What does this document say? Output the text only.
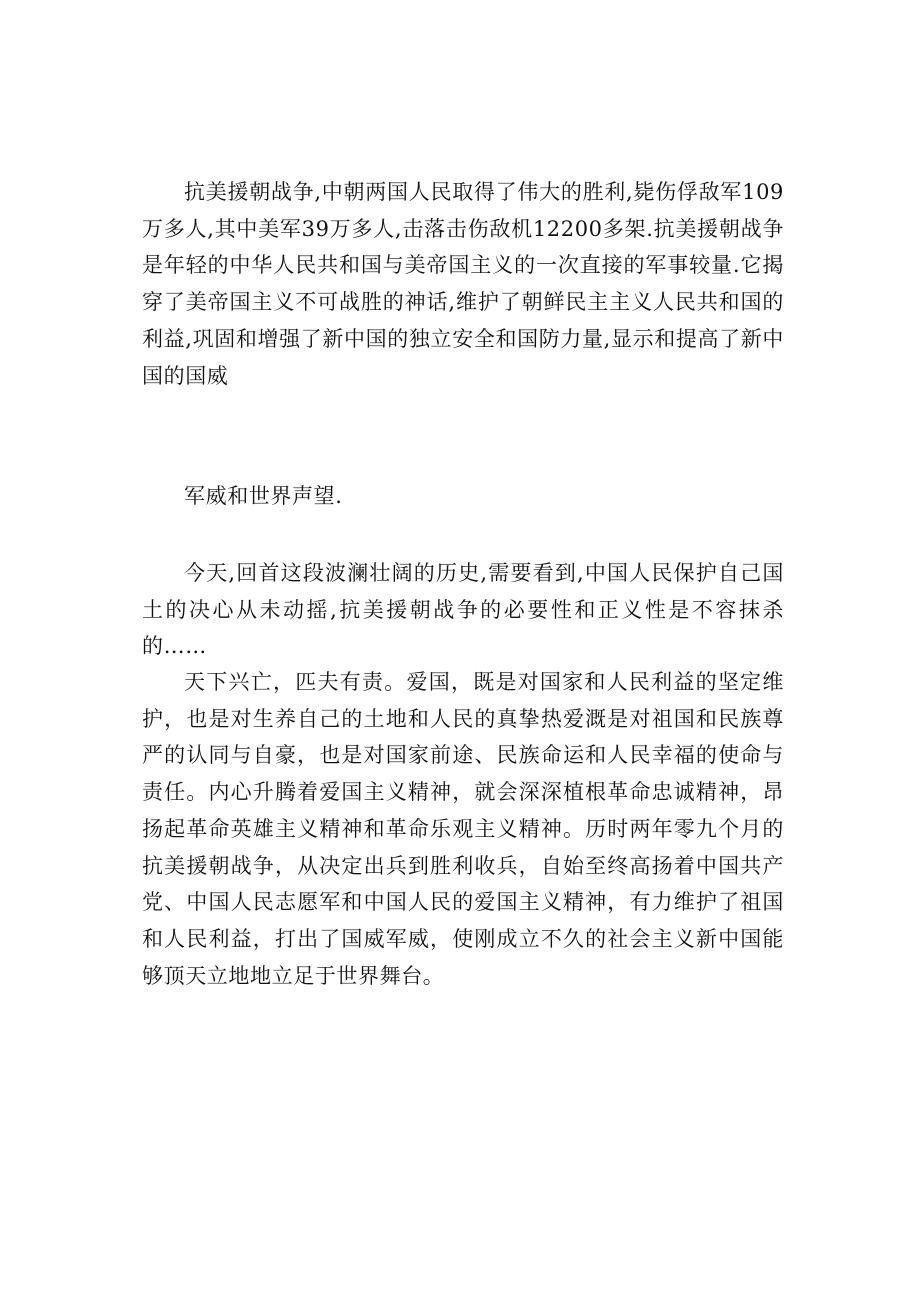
抗美援朝战争,中朝两国人民取得了伟大的胜利,毙伤俘敌军109万多人,其中美军39万多人,击落击伤敌机12200多架.抗美援朝战争是年轻的中华人民共和国与美帝国主义的一次直接的军事较量.它揭穿了美帝国主义不可战胜的神话,维护了朝鲜民主主义人民共和国的利益,巩固和增强了新中国的独立安全和国防力量,显示和提高了新中国的国威

军威和世界声望.

今天,回首这段波澜壮阔的历史,需要看到,中国人民保护自己国土的决心从未动摇,抗美援朝战争的必要性和正义性是不容抹杀的……

天下兴亡，匹夫有责。爱国，既是对国家和人民利益的坚定维护，也是对生养自己的土地和人民的真挚热爱溉是对祖国和民族尊严的认同与自豪，也是对国家前途、民族命运和人民幸福的使命与责任。内心升腾着爱国主义精神，就会深深植根革命忠诚精神，昂扬起革命英雄主义精神和革命乐观主义精神。历时两年零九个月的抗美援朝战争，从决定出兵到胜利收兵，自始至终高扬着中国共产党、中国人民志愿军和中国人民的爱国主义精神，有力维护了祖国和人民利益，打出了国威军威，使刚成立不久的社会主义新中国能够顶天立地地立足于世界舞台。
